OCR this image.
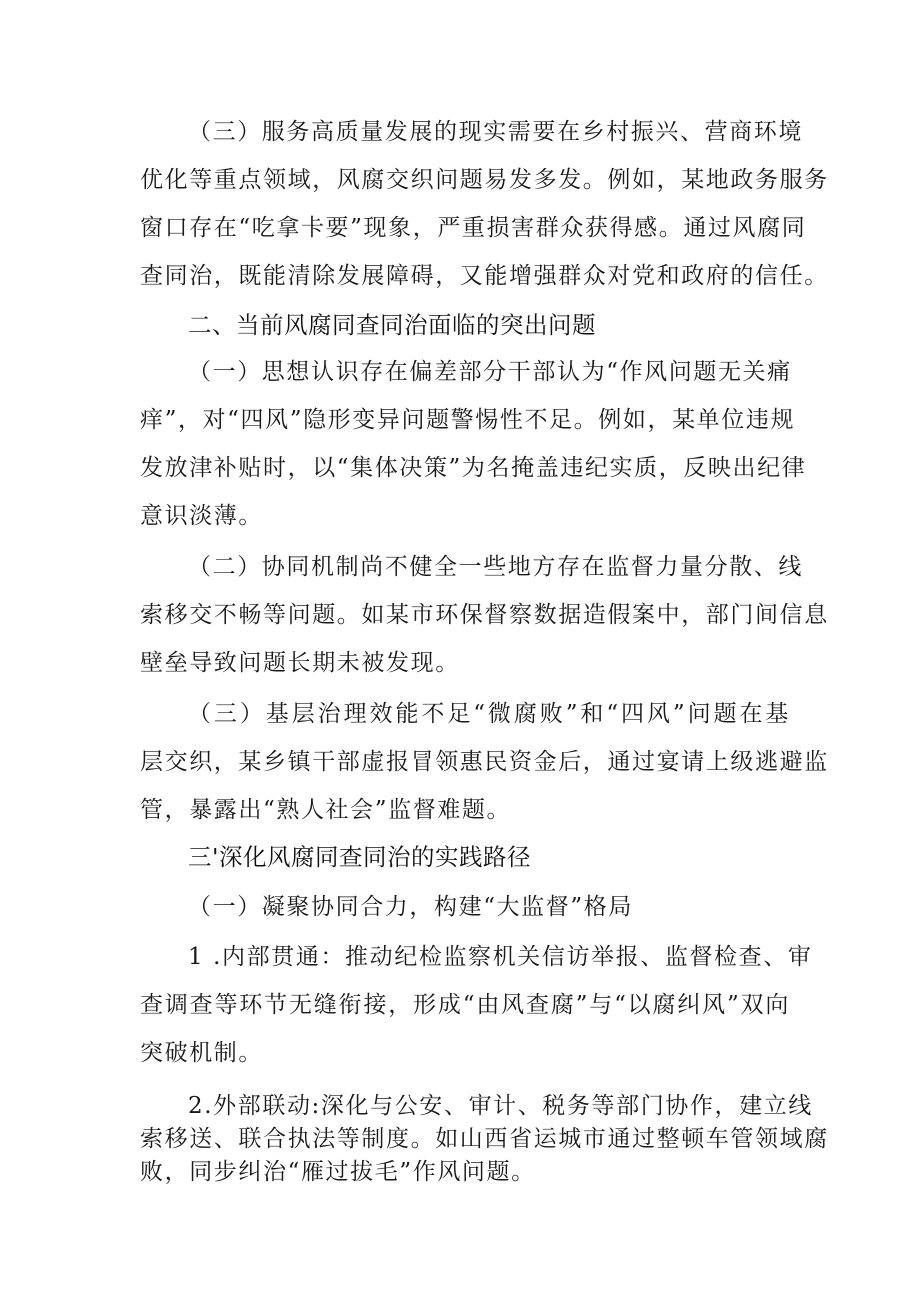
（三）服务高质量发展的现实需要在乡村振兴、营商环境
优化等重点领域，风腐交织问题易发多发。例如，某地政务服务
窗口存在“吃拿卡要”现象，严重损害群众获得感。通过风腐同
查同治，既能清除发展障碍，又能增强群众对党和政府的信任。
二、当前风腐同查同治面临的突出问题
（一）思想认识存在偏差部分干部认为“作风问题无关痛
痒”，对“四风”隐形变异问题警惕性不足。例如，某单位违规
发放津补贴时，以“集体决策”为名掩盖违纪实质，反映出纪律
意识淡薄。
（二）协同机制尚不健全一些地方存在监督力量分散、线
索移交不畅等问题。如某市环保督察数据造假案中，部门间信息
壁垒导致问题长期未被发现。
（三）基层治理效能不足“微腐败”和“四风”问题在基
层交织，某乡镇干部虚报冒领惠民资金后，通过宴请上级逃避监
管，暴露出“熟人社会”监督难题。
三'深化风腐同查同治的实践路径
（一）凝聚协同合力，构建“大监督”格局
1 .内部贯通：推动纪检监察机关信访举报、监督检查、审
查调查等环节无缝衔接，形成“由风查腐”与“以腐纠风”双向
突破机制。
2.外部联动:深化与公安、审计、税务等部门协作，建立线
索移送、联合执法等制度。如山西省运城市通过整顿车管领域腐
败，同步纠治“雁过拔毛”作风问题。
